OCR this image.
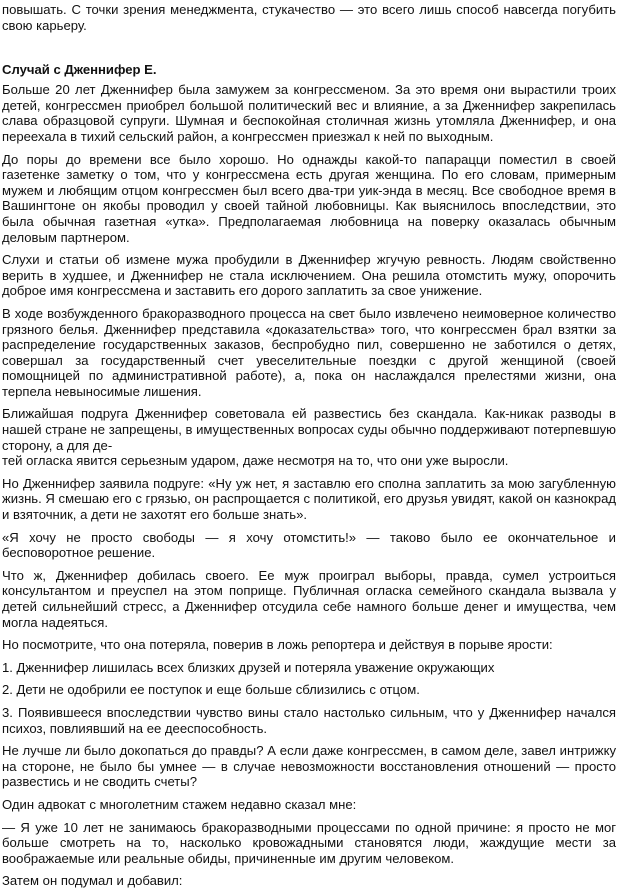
повышать. С точки зрения менеджмента, стукачество — это всего лишь способ навсегда погубить свою карьеру.

Случай с Дженнифер Е.

Больше 20 лет Дженнифер была замужем за конгрессменом. За это время они вырастили троих детей, конгрессмен приобрел большой политический вес и влияние, а за Дженнифер закрепилась слава образцовой супруги. Шумная и беспокойная столичная жизнь утомляла Дженнифер, и она переехала в тихий сельский район, а конгрессмен приезжал к ней по выходным.

До поры до времени все было хорошо. Но однажды какой-то папарацци поместил в своей газетенке заметку о том, что у конгрессмена есть другая женщина. По его словам, примерным мужем и любящим отцом конгрессмен был всего два-три уик-энда в месяц. Все свободное время в Вашингтоне он якобы проводил у своей тайной любовницы. Как выяснилось впоследствии, это была обычная газетная «утка». Предполагаемая любовница на поверку оказалась обычным деловым партнером.

Слухи и статьи об измене мужа пробудили в Дженнифер жгучую ревность. Людям свойственно верить в худшее, и Дженнифер не стала исключением. Она решила отомстить мужу, опорочить доброе имя конгрессмена и заставить его дорого заплатить за свое унижение.

В ходе возбужденного бракоразводного процесса на свет было извлечено неимоверное количество грязного белья. Дженнифер представила «доказательства» того, что конгрессмен брал взятки за распределение государственных заказов, беспробудно пил, совершенно не заботился о детях, совершал за государственный счет увеселительные поездки с другой женщиной (своей помощницей по административной работе), а, пока он наслаждался прелестями жизни, она терпела невыносимые лишения.

Ближайшая подруга Дженнифер советовала ей развестись без скандала. Как-никак разводы в нашей стране не запрещены, в имущественных вопросах суды обычно поддерживают потерпевшую сторону, а для де-

тей огласка явится серьезным ударом, даже несмотря на то, что они уже выросли.

Но Дженнифер заявила подруге: «Ну уж нет, я заставлю его сполна заплатить за мою загубленную жизнь. Я смешаю его с грязью, он распрощается с политикой, его друзья увидят, какой он казнокрад и взяточник, а дети не захотят его больше знать».

«Я хочу не просто свободы — я хочу отомстить!» — таково было ее окончательное и бесповоротное решение.

Что ж, Дженнифер добилась своего. Ее муж проиграл выборы, правда, сумел устроиться консультантом и преуспел на этом поприще. Публичная огласка семейного скандала вызвала у детей сильнейший стресс, а Дженнифер отсудила себе намного больше денег и имущества, чем могла надеяться.

Но посмотрите, что она потеряла, поверив в ложь репортера и действуя в порыве ярости:

1. Дженнифер лишилась всех близких друзей и потеряла уважение окружающих

2. Дети не одобрили ее поступок и еще больше сблизились с отцом.

3. Появившееся впоследствии чувство вины стало настолько сильным, что у Дженнифер начался психоз, повлиявший на ее дееспособность.

Не лучше ли было докопаться до правды? А если даже конгрессмен, в самом деле, завел интрижку на стороне, не было бы умнее — в случае невозможности восстановления отношений — просто развестись и не сводить счеты?

Один адвокат с многолетним стажем недавно сказал мне:

— Я уже 10 лет не занимаюсь бракоразводными процессами по одной причине: я просто не мог больше смотреть на то, насколько кровожадными становятся люди, жаждущие мести за воображаемые или реальные обиды, причиненные им другим человеком.

Затем он подумал и добавил:
